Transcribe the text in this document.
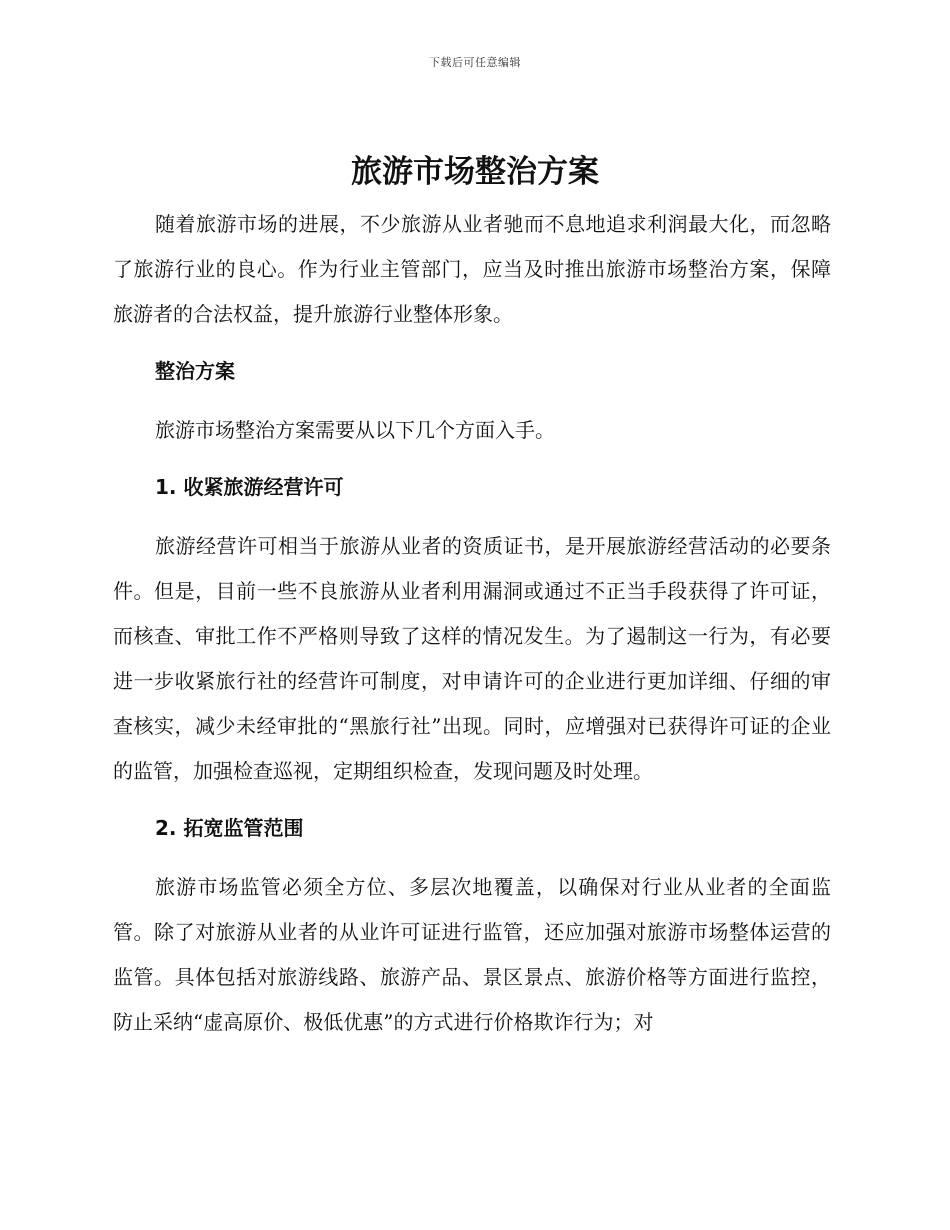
下载后可任意编辑
旅游市场整治方案

随着旅游市场的进展，不少旅游从业者驰而不息地追求利润最大化，而忽略了旅游行业的良心。作为行业主管部门，应当及时推出旅游市场整治方案，保障旅游者的合法权益，提升旅游行业整体形象。

整治方案

旅游市场整治方案需要从以下几个方面入手。

1. 收紧旅游经营许可

旅游经营许可相当于旅游从业者的资质证书，是开展旅游经营活动的必要条件。但是，目前一些不良旅游从业者利用漏洞或通过不正当手段获得了许可证，而核查、审批工作不严格则导致了这样的情况发生。为了遏制这一行为，有必要进一步收紧旅行社的经营许可制度，对申请许可的企业进行更加详细、仔细的审查核实，减少未经审批的“黑旅行社”出现。同时，应增强对已获得许可证的企业的监管，加强检查巡视，定期组织检查，发现问题及时处理。

2. 拓宽监管范围

旅游市场监管必须全方位、多层次地覆盖，以确保对行业从业者的全面监管。除了对旅游从业者的从业许可证进行监管，还应加强对旅游市场整体运营的监管。具体包括对旅游线路、旅游产品、景区景点、旅游价格等方面进行监控，防止采纳“虚高原价、极低优惠”的方式进行价格欺诈行为；对
